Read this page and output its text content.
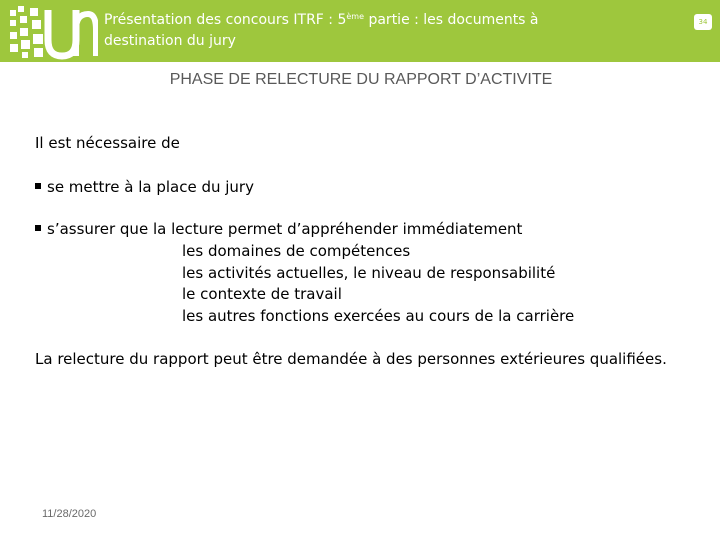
Présentation des concours ITRF : 5ème partie : les documents à
destination du jury
34
PHASE DE RELECTURE DU RAPPORT D’ACTIVITE
Il est nécessaire de
se mettre à la place du jury
s’assurer que la lecture permet d’appréhender immédiatement
les domaines de compétences
les activités actuelles, le niveau de responsabilité
le contexte de travail
les autres fonctions exercées au cours de la carrière
La relecture du rapport peut être demandée à des personnes extérieures qualifiées.
11/28/2020
